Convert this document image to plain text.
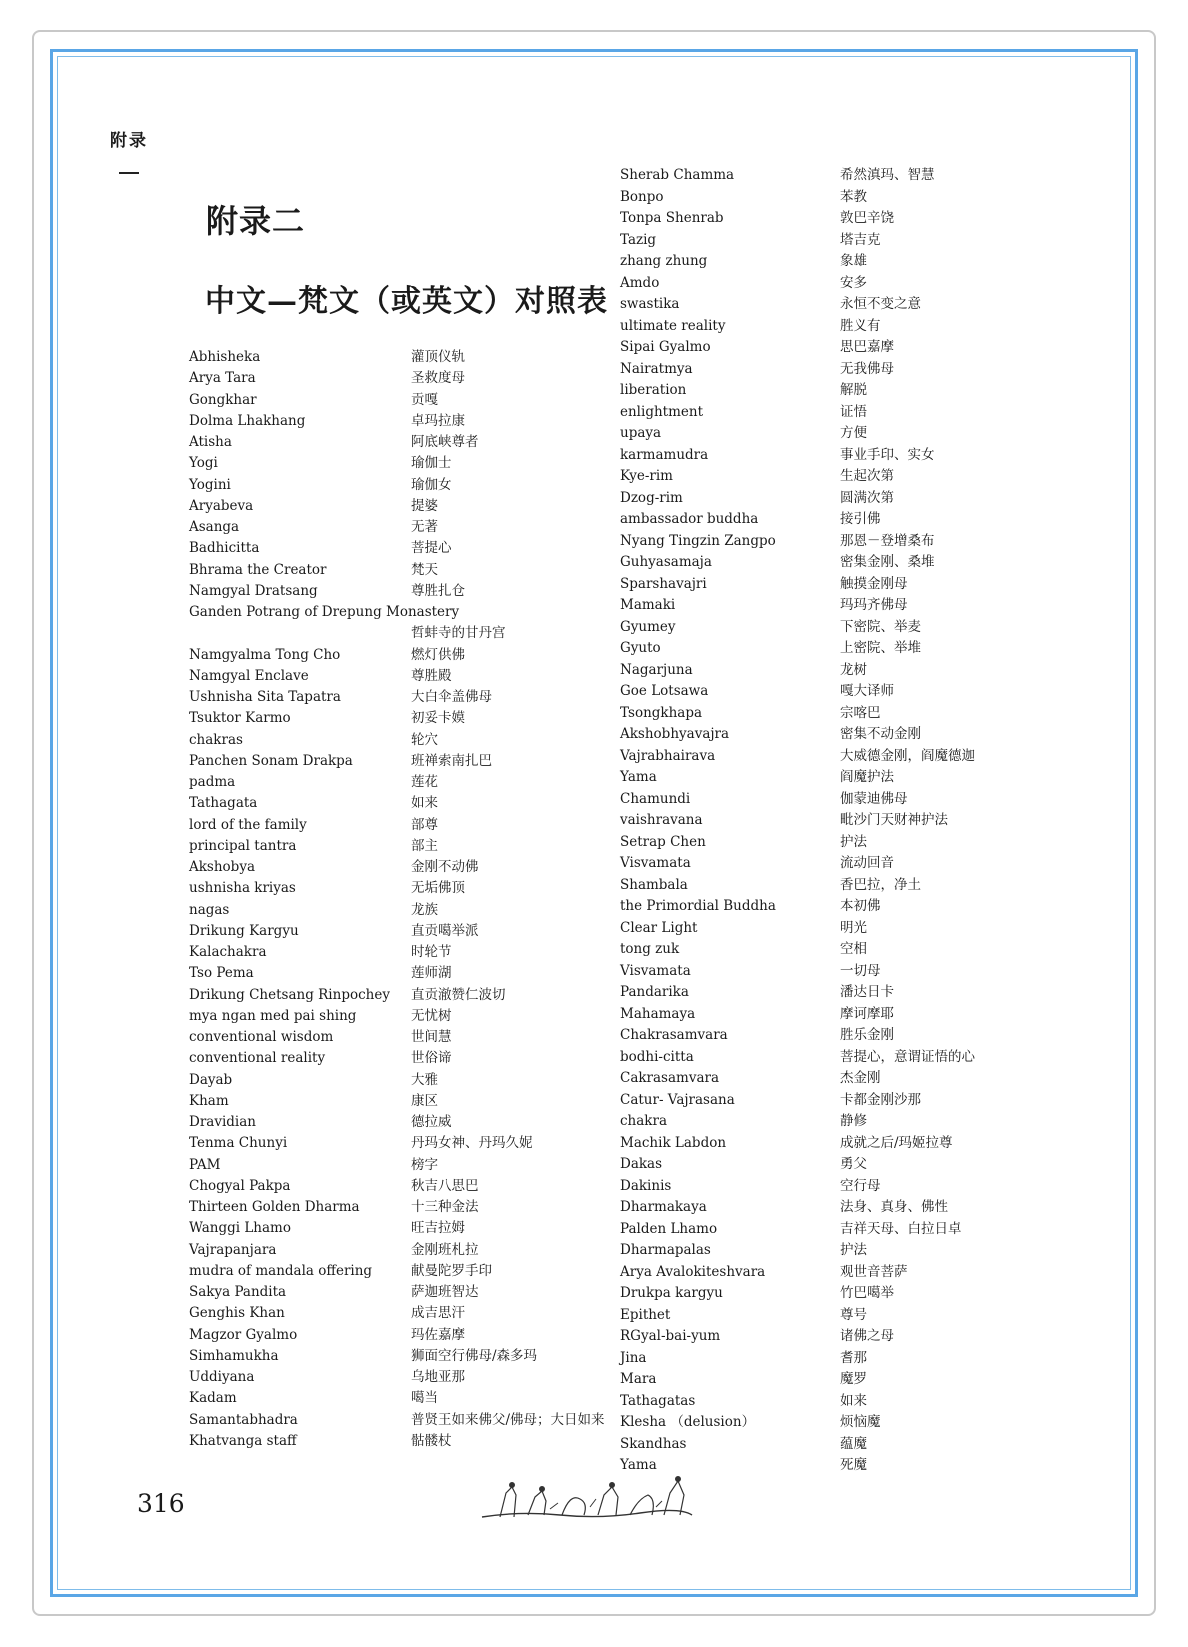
附录
附录二
中文—梵文（或英文）对照表
Abhisheka	灌顶仪轨
Arya Tara	圣救度母
Gongkhar	贡嘎
Dolma Lhakhang	卓玛拉康
Atisha	阿底峡尊者
Yogi	瑜伽士
Yogini	瑜伽女
Aryabeva	提婆
Asanga	无著
Badhicitta	菩提心
Bhrama the Creator	梵天
Namgyal Dratsang	尊胜扎仓
Ganden Potrang of Drepung Monastery
哲蚌寺的甘丹宫
Namgyalma Tong Cho	燃灯供佛
Namgyal Enclave	尊胜殿
Ushnisha Sita Tapatra	大白伞盖佛母
Tsuktor Karmo	初妥卡嫫
chakras	轮穴
Panchen Sonam Drakpa	班禅索南扎巴
padma	莲花
Tathagata	如来
lord of the family	部尊
principal tantra	部主
Akshobya	金刚不动佛
ushnisha kriyas	无垢佛顶
nagas	龙族
Drikung Kargyu	直贡噶举派
Kalachakra	时轮节
Tso Pema	莲师湖
Drikung Chetsang Rinpochey 直贡澈赞仁波切
mya ngan med pai shing	无忧树
conventional wisdom	世间慧
conventional reality	世俗谛
Dayab	大雅
Kham	康区
Dravidian	德拉威
Tenma Chunyi	丹玛女神、丹玛久妮
PAM	榜字
Chogyal Pakpa	秋吉八思巴
Thirteen Golden Dharma	十三种金法
Wanggi Lhamo	旺吉拉姆
Vajrapanjara	金刚班札拉
mudra of mandala offering	献曼陀罗手印
Sakya Pandita	萨迦班智达
Genghis Khan	成吉思汗
Magzor Gyalmo	玛佐嘉摩
Simhamukha	狮面空行佛母/森多玛
Uddiyana	乌地亚那
Kadam	噶当
Samantabhadra	普贤王如来佛父/佛母；大日如来
Khatvanga staff	骷髅杖
Sherab Chamma	希然滇玛、智慧
Bonpo	苯教
Tonpa Shenrab	敦巴辛饶
Tazig	塔吉克
zhang zhung	象雄
Amdo	安多
swastika	永恒不变之意
ultimate reality	胜义有
Sipai Gyalmo	思巴嘉摩
Nairatmya	无我佛母
liberation	解脱
enlightment	证悟
upaya	方便
karmamudra	事业手印、实女
Kye-rim	生起次第
Dzog-rim	圆满次第
ambassador buddha	接引佛
Nyang Tingzin Zangpo	那恩－登增桑布
Guhyasamaja	密集金刚、桑堆
Sparshavajri	触摸金刚母
Mamaki	玛玛齐佛母
Gyumey	下密院、举麦
Gyuto	上密院、举堆
Nagarjuna	龙树
Goe Lotsawa	嘎大译师
Tsongkhapa	宗喀巴
Akshobhyavajra	密集不动金刚
Vajrabhairava	大威德金刚，阎魔德迦
Yama	阎魔护法
Chamundi	伽蒙迪佛母
vaishravana	毗沙门天财神护法
Setrap Chen	护法
Visvamata	流动回音
Shambala	香巴拉，净土
the Primordial Buddha	本初佛
Clear Light	明光
tong zuk	空相
Visvamata	一切母
Pandarika	潘达日卡
Mahamaya	摩诃摩耶
Chakrasamvara	胜乐金刚
bodhi-citta	菩提心，意谓证悟的心
Cakrasamvara	杰金刚
Catur- Vajrasana	卡都金刚沙那
chakra	静修
Machik Labdon	成就之后/玛姬拉尊
Dakas	勇父
Dakinis	空行母
Dharmakaya	法身、真身、佛性
Palden Lhamo	吉祥天母、白拉日卓
Dharmapalas	护法
Arya Avalokiteshvara	观世音菩萨
Drukpa kargyu	竹巴噶举
Epithet	尊号
RGyal-bai-yum	诸佛之母
Jina	耆那
Mara	魔罗
Tathagatas	如来
Klesha （delusion）	烦恼魔
Skandhas	蕴魔
Yama	死魔
316
